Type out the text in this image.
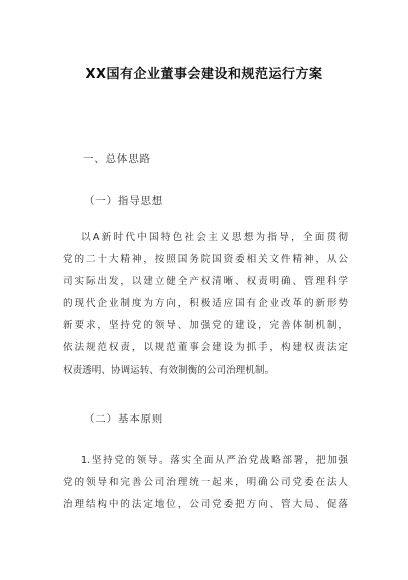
XX国有企业董事会建设和规范运行方案
一、总体思路
（一）指导思想
以A新时代中国特色社会主义思想为指导，全面贯彻
党的二十大精神，按照国务院国资委相关文件精神，从公
司实际出发，以建立健全产权清晰、权责明确、管理科学
的现代企业制度为方向，积极适应国有企业改革的新形势
新要求，坚持党的领导、加强党的建设，完善体制机制，
依法规范权责，以规范董事会建设为抓手，构建权责法定
权责透明、协调运转、有效制衡的公司治理机制。
（二）基本原则
1.坚持党的领导。落实全面从严治党战略部署，把加强
党的领导和完善公司治理统一起来，明确公司党委在法人
治理结构中的法定地位，公司党委把方向、管大局、促落
